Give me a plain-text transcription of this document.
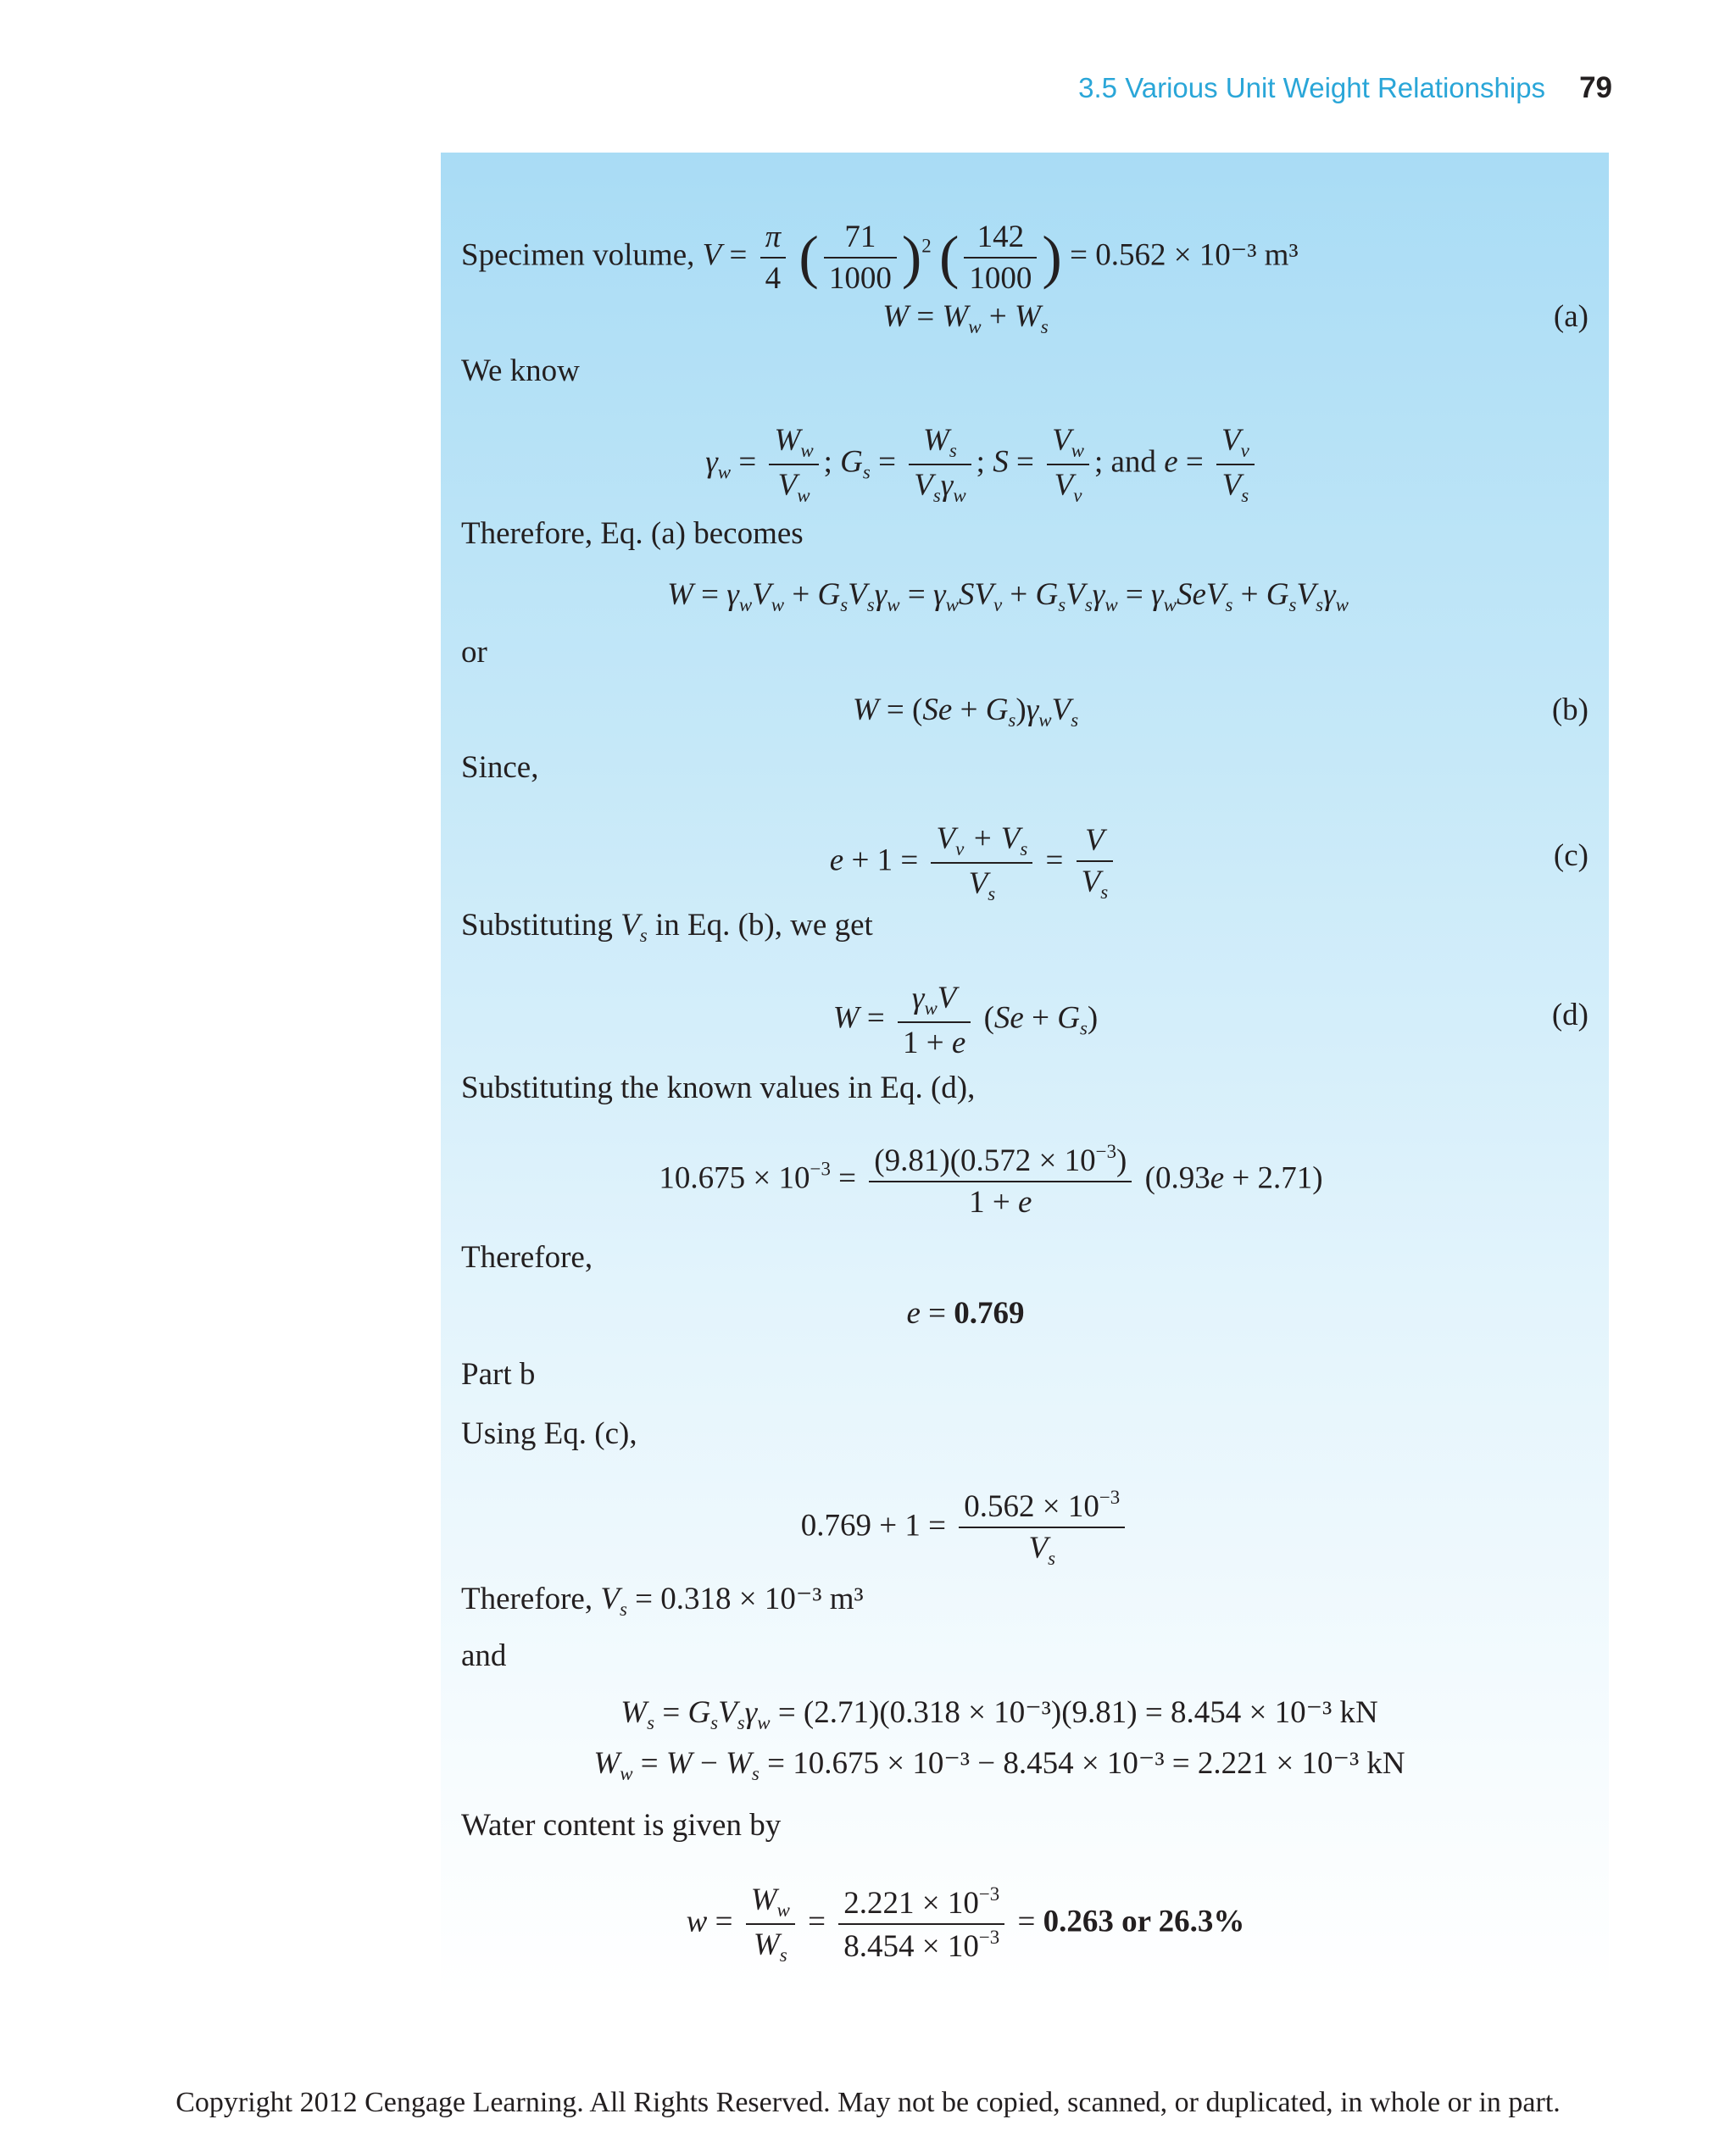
3.5 Various Unit Weight Relationships 79
Specimen volume, $V = \frac{\pi}{4}$ ( $\frac{71}{1000} )^2$ ( $\frac{142}{1000}$ ) = 0.562 × 10⁻³ m³
$W = W_w + W_s$	(a)
We know
$\gamma_w = \frac{W_w}{V_w}$ ; $G_s = \frac{W_s}{V_s\gamma_w}$ ; $S = \frac{V_w}{V_v}$ ; and $e = \frac{V_v}{V_s}$
Therefore, Eq. (a) becomes
$W = \gamma_wV_w + G_sV_s\gamma_w = \gamma_wSV_v + G_sV_s\gamma_w = \gamma_wSeV_s + G_sV_s\gamma_w$
or
$W = (Se + G_s)\gamma_wV_s$	(b)
Since,
$e + 1 = \frac{V_v + V_s}{V_s} = \frac{V}{V_s}$	(c)
Substituting $V_s$ in Eq. (b), we get
$W = \frac{\gamma_wV}{1 + e} (Se + G_s)$	(d)
Substituting the known values in Eq. (d),
$10.675 \times 10^{-3} = \frac{(9.81)(0.572 \times 10^{-3})}{1 + e} (0.93e + 2.71)$
Therefore,
e = 0.769
Part b
Using Eq. (c),
$0.769 + 1 = \frac{0.562 \times 10^{-3}}{V_s}$
Therefore, $V_s = 0.318 \times 10^{-3}$ m³
and
$W_s = G_sV_s\gamma_w = (2.71)(0.318 \times 10^{-3})(9.81) = 8.454 \times 10^{-3}$ kN
$W_w = W - W_s = 10.675 \times 10^{-3} - 8.454 \times 10^{-3} = 2.221 \times 10^{-3}$ kN
Water content is given by
$w = \frac{W_w}{W_s} = \frac{2.221 \times 10^{-3}}{8.454 \times 10^{-3}} = 0.263$ or 26.3%
Copyright 2012 Cengage Learning. All Rights Reserved. May not be copied, scanned, or duplicated, in whole or in part.
